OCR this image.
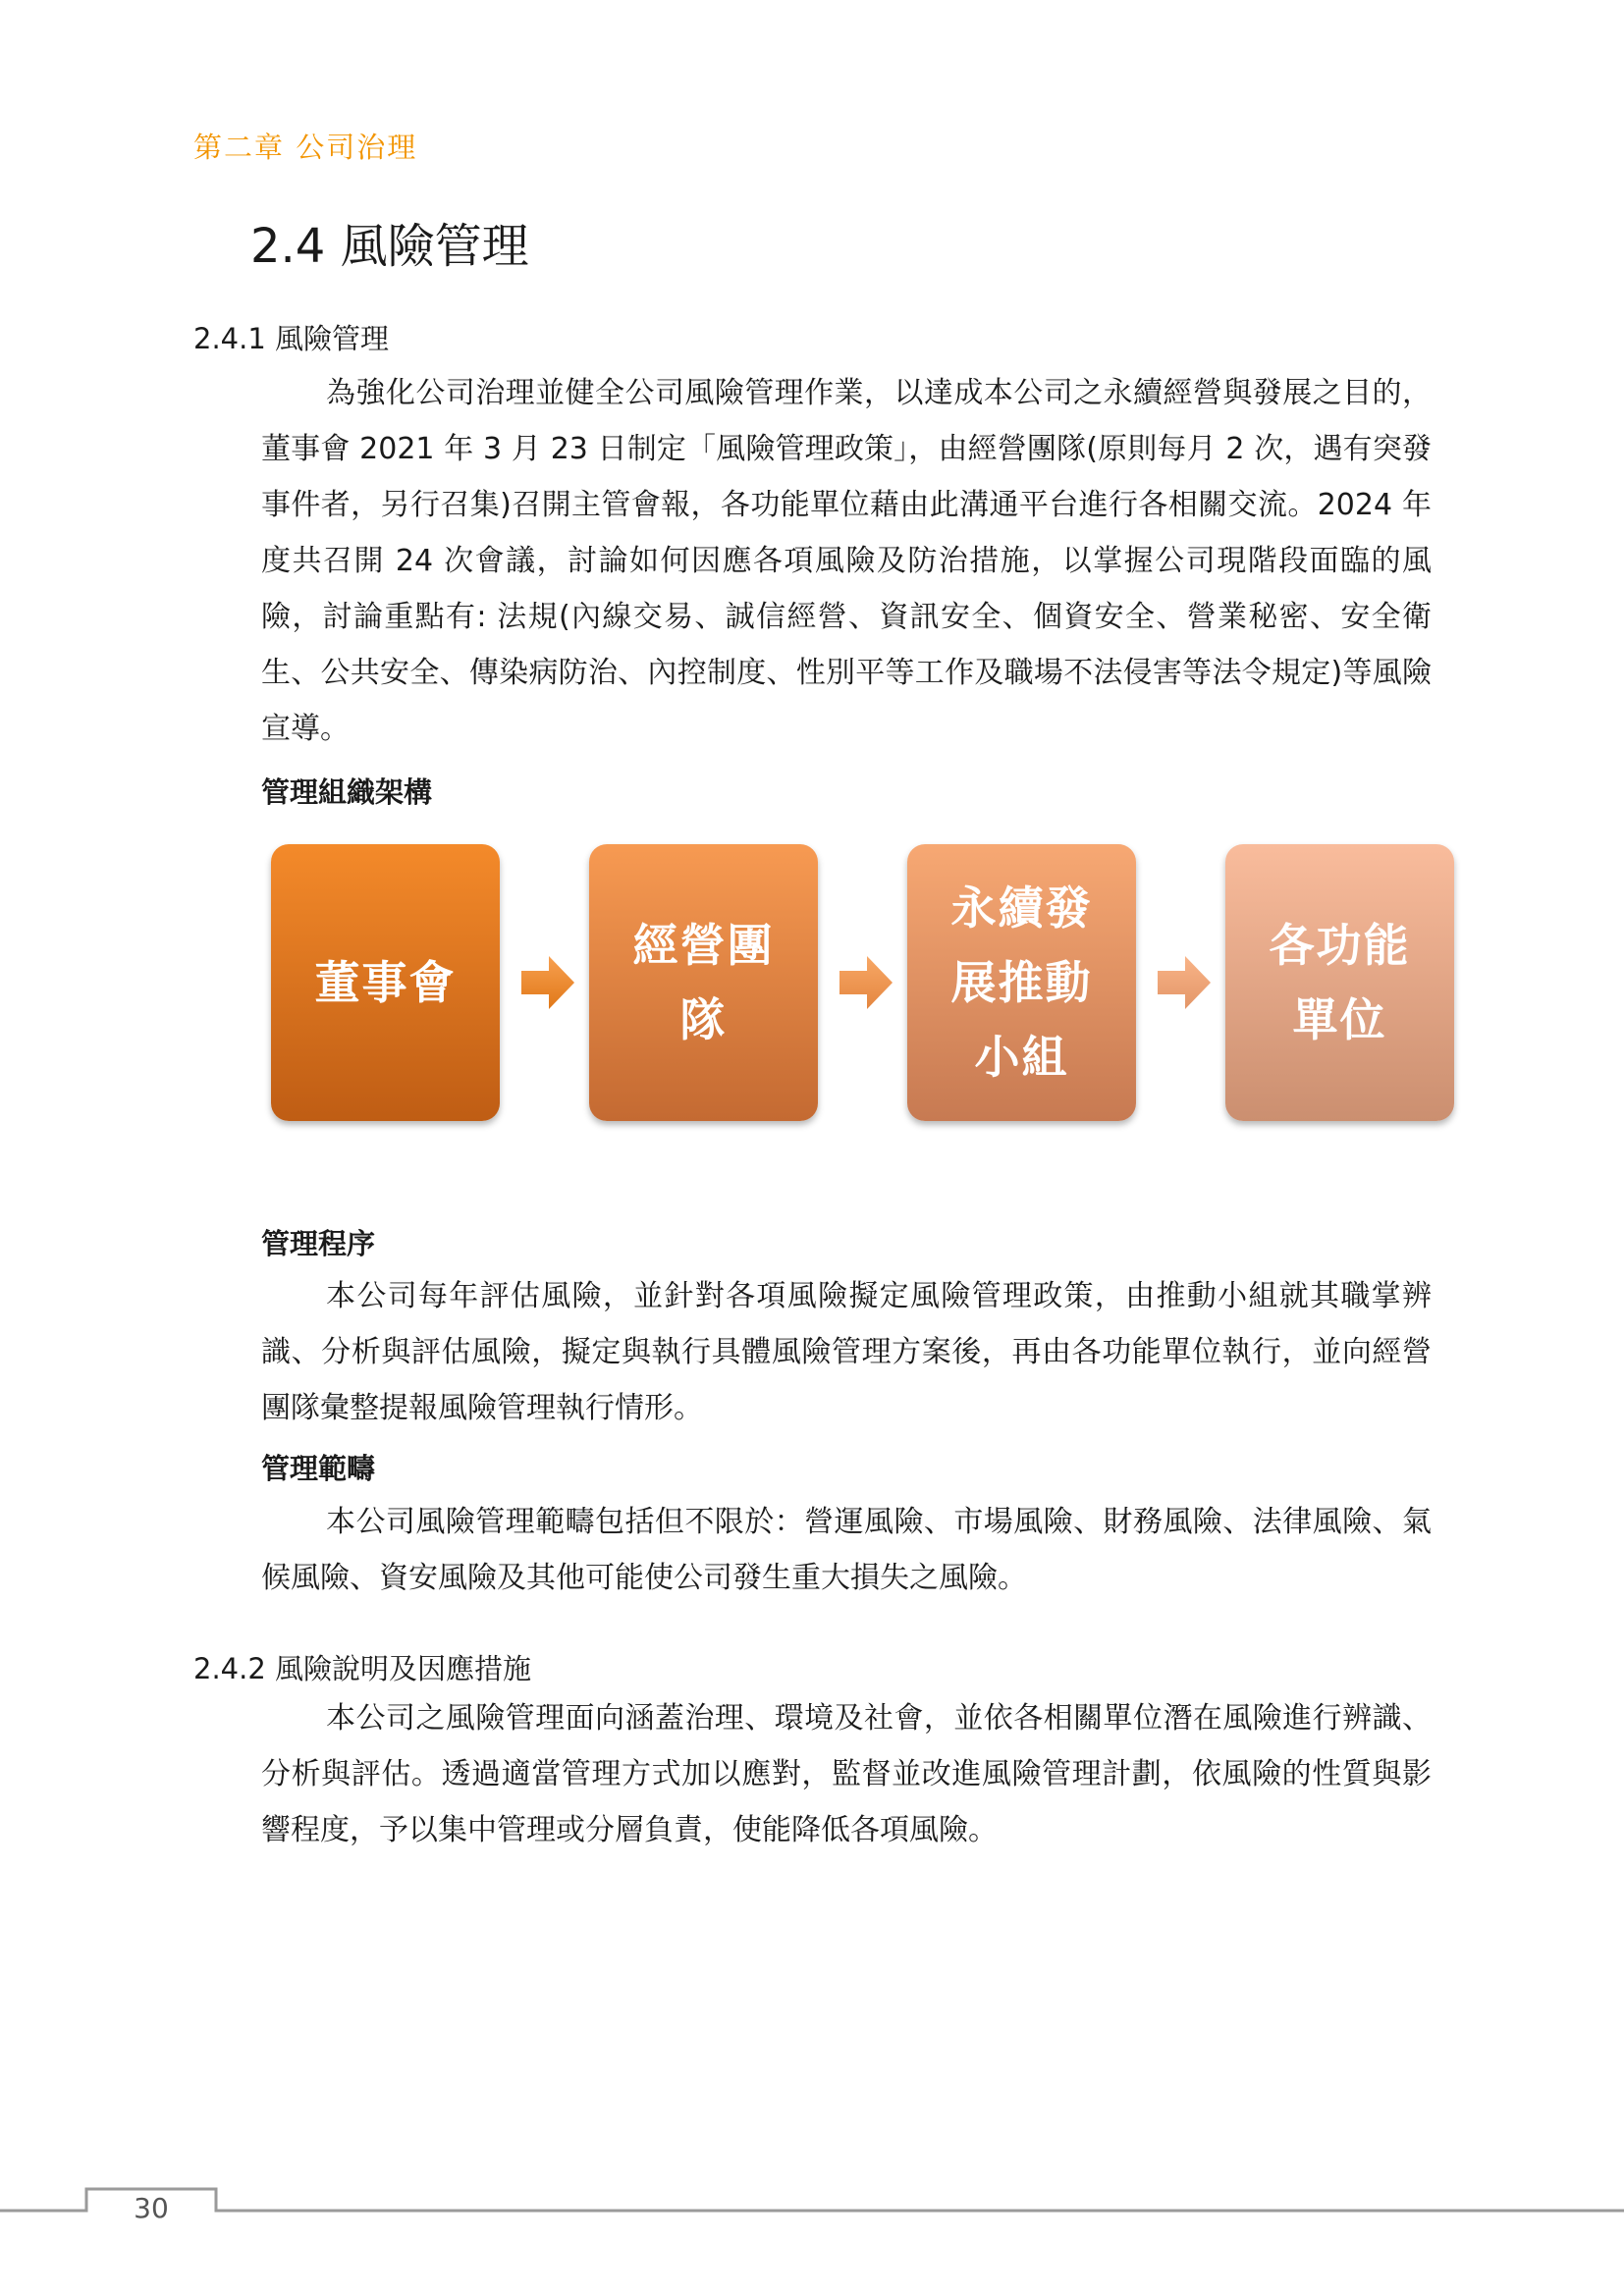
第二章 公司治理
2.4 風險管理
2.4.1 風險管理

為強化公司治理並健全公司風險管理作業，以達成本公司之永續經營與發展之目的，董事會 2021 年 3 月 23 日制定「風險管理政策」，由經營團隊(原則每月 2 次，遇有突發事件者，另行召集)召開主管會報，各功能單位藉由此溝通平台進行各相關交流。2024 年度共召開 24 次會議，討論如何因應各項風險及防治措施，以掌握公司現階段面臨的風險，討論重點有: 法規(內線交易、誠信經營、資訊安全、個資安全、營業秘密、安全衛生、公共安全、傳染病防治、內控制度、性別平等工作及職場不法侵害等法令規定)等風險宣導。

管理組織架構
董事會
經營團隊
永續發展推動小組
各功能單位
管理程序

本公司每年評估風險，並針對各項風險擬定風險管理政策，由推動小組就其職掌辨識、分析與評估風險，擬定與執行具體風險管理方案後，再由各功能單位執行，並向經營團隊彙整提報風險管理執行情形。

管理範疇

本公司風險管理範疇包括但不限於：營運風險、市場風險、財務風險、法律風險、氣候風險、資安風險及其他可能使公司發生重大損失之風險。

2.4.2 風險說明及因應措施

本公司之風險管理面向涵蓋治理、環境及社會，並依各相關單位潛在風險進行辨識、分析與評估。透過適當管理方式加以應對，監督並改進風險管理計劃，依風險的性質與影響程度，予以集中管理或分層負責，使能降低各項風險。

30
